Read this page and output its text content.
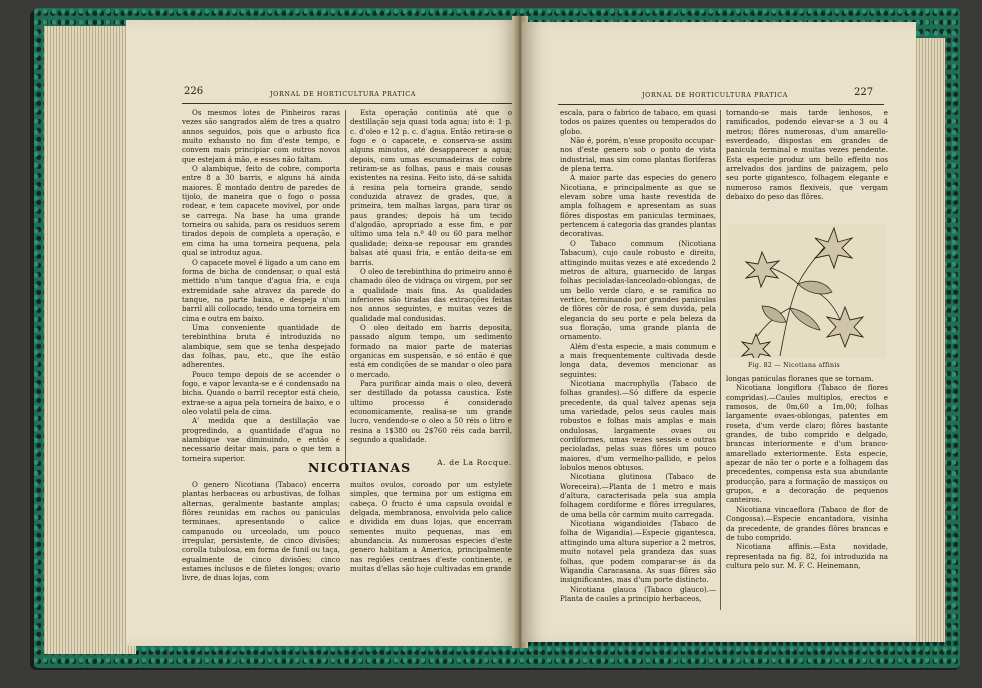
226	JORNAL DE HORTICULTURA PRATICA

Os mesmos lotes de Pinheiros raras vezes são sangrados além de tres a quatro annos seguidos, pois que o arbusto fica muito exhausto no fim d'este tempo, e convem mais principiar com outros novos que estejam á mão, e esses não faltam.

O alambique, feito de cobre, comporta entre 8 a 30 barris, e alguns há ainda maiores. É montado dentro de paredes de tijolo, de maneira que o fogo o possa rodear, e tem capacete movivel, por onde se carrega. Na base ha uma grande torneira ou sahida, para os residuos serem tirados depois de completa a operação, e em cima ha uma torneira pequena, pela qual se introduz agua.

O capacete movel é ligado a um cano em forma de bicha de condensar, o qual está mettido n'um tanque d'agua fria, e cuja extremidade sahe atravez da parede do tanque, na parte baixa, e despeja n'um barril alli collocado, tendo uma torneira em cima e outra em baixo.

Uma conveniente quantidade de terebinthina bruta é introduzida no alambique, sem que se tenha despejado das folhas, pau, etc., que lhe estão adherentes.

Pouco tempo depois de se accender o fogo, e vapor levanta-se e é condensado na bicha. Quando o barril receptor está cheio, extrae-se a agua pela torneira de baixo, e o oleo volatil pela de cima.

A' medida que a destillação vae progredindo, a quantidade d'agua no alambique vae diminuindo, e então é necessario deitar mais, para o que tem a torneira superior.

Esta operação continúa até que o destillação seja quasi toda agua; isto é: 1 p. c. d'oleo e 12 p. c. d'agua. Então retira-se o fogo e o capacete, e conserva-se assim alguns minutos, até desapparecer a agua; depois, com umas escumadeiras de cobre retiram-se as folhas, paus e mais cousas existentes na resina. Feito isto, dá-se sahida á resina pela torneira grande, sendo conduzida atravez de grades, que, a primeira, tem malhas largas, para tirar os paus grandes; depois há um tecido d'algodão, apropriado a esse fim, e por ultimo uma tela n.º 40 ou 60 para melhor qualidade; deixa-se repousar em grandes balsas até quasi fria, e então deita-se em barris.

O oleo de terebinthina do primeiro anno é chamado óleo de vidraça ou virgem, por ser a qualidade mais fina. As qualidades inferiores são tiradas das extracções feitas nos annos seguintes, e muitas vezes de qualidade mal condusidas.

O oleo deitado em barris deposita, passado algum tempo, um sedimento formado na maior parte de materias organicas em suspensão, e só então é que está em condições de se mandar o oleo para o mercado.

Para purificar ainda mais o oleo, deverá ser destillado da potassa caustica. Este ultimo processo é considerado economicamente, realisa-se um grande lucro, vendendo-se o oleo a 50 réis o litro e resina a 1$380 ou 2$760 réis cada barril, segundo a qualidade.

A. de La Rocque.

NICOTIANAS

O genero Nicotiana (Tabaco) encerra plantas herbaceas ou arbustivas, de folhas alternas, geralmente bastante amplas; flôres reunidas em rachos ou paniculas terminaes, apresentando o calice campanudo ou urceolado, um pouco irregular, persistente, de cinco divisões; corolla tubulosa, em forma de funil ou taça, egualmente de cinco divisões; cinco estames inclusos e de filetes longos; ovario livre, de duas lojas, com

muitos ovulos, coroado por um estylete simples, que termina por um estigma em cabeça. O fructo é uma capsula ovoidal e delgada, membranosa, envolvida pelo calice e dividida em duas lojas, que encerram sementes muito pequenas, mas em abundancia. As numerosas especies d'este genero habitam a America, principalmente nas regiões centraes d'este continente, e muitas d'ellas são hoje cultivadas em grande

JORNAL DE HORTICULTURA PRATICA	227

escala, para o fabrico de tabaco, em quasi todos os paizes quentes ou temperados do globo.

Não é, porém, n'esse proposito occupar-nos d'este genero sob o ponto de vista industrial, mas sim como plantas floriferas de plena terra.

A maior parte das especies do genero Nicotiana, e principalmente as que se elevam sobre uma haste revestida de ampla folhagem e apresentam as suas flôres dispostas em paniculas terminaes, pertencem á categoria das grandes plantas decorativas.

O Tabaco commum (Nicotiana Tabacum), cujo caule robusto e direito, attingindo muitas vezes e até excedendo 2 metros de altura, guarnecido de largas folhas pecioladas-lanceolado-oblongas, de um bello verde claro, e se ramifica no vertice, terminando por grandes paniculas de flôres côr de rosa, é sem duvida, pela elegancia do seu porte e pela beleza da sua floração, uma grande planta de ornamento.

Além d'esta especie, a mais commum e a mais frequentemente cultivada desde longa data, devemos mencionar as seguintes:

Nicotiana macrophylla (Tabaco de folhas grandes).—Só differe da especie precedente, da qual talvez apenas seja uma variedade, pelos seus caules mais robustos e folhas mais amplas e mais ondulosas, largamente ovaes ou cordiformes, umas vezes sesseis e outras pecioladas, pelas suas flôres um pouco maiores, d'um vermelho-pallido, e pelos lobulos menos obtusos.

Nicotiana glutinosa (Tabaco de Woreceira).—Planta de 1 metro e mais d'altura, caracterisada pela sua ampla folhagem cordiforme e flôres irregulares, de uma bella côr carmim muito carregada.

Nicotiana wigandioides (Tabaco de folha de Wigandia).—Especie gigantesca, attingindo uma altura superior a 2 metros, muito notavel pela grandeza das suas folhas, que podem comparar-se ás da Wigandia Caracasana. As suas flôres são insignificantes, mas d'um porte distincto.

Nicotiana glauca (Tabaco glauco).—Planta de caules a principio herbaceos,

tornando-se mais tarde lenhosos, e ramificados, podendo elevar-se a 3 ou 4 metros; flôres numerosas, d'um amarello-esverdeado, dispostas em grandes de panicula terminal e muitas vezes pendente. Esta especie produz um bello effeito nos arrelvados dos jardins de paizagem, pelo seu porte gigantesco, folhagem elegante e numeroso ramos flexiveis, que vergam debaixo do peso das flôres.

Fig. 82 — Nicotiana affinis

longas paniculas floranes que se tornam.

Nicotiana longiflora (Tabaco de flores compridas).—Caules multiplos, erectos e ramosos, de 0m,60 a 1m,00; folhas largamente ovaes-oblongas, patentes em roseta, d'um verde claro; flôres bastante grandes, de tubo comprido e delgado, brancas interiormente e d'um branco-amarellado exteriormente. Esta especie, apezar de não ter o porte e a folhagem das precedentes, compensa esta sua abundante producção, para a formação de massiços ou grupos, e a decoração de pequenos canteiros.

Nicotiana vincaeflora (Tabaco de flor de Congossa).—Especie encantadora, visinha da precedente, de grandes flôres brancas e de tubo comprido.

Nicotiana affinis.—Esta novidade, representada na fig. 82, foi introduzida na cultura pelo sur. M. F. C. Heinemann,
